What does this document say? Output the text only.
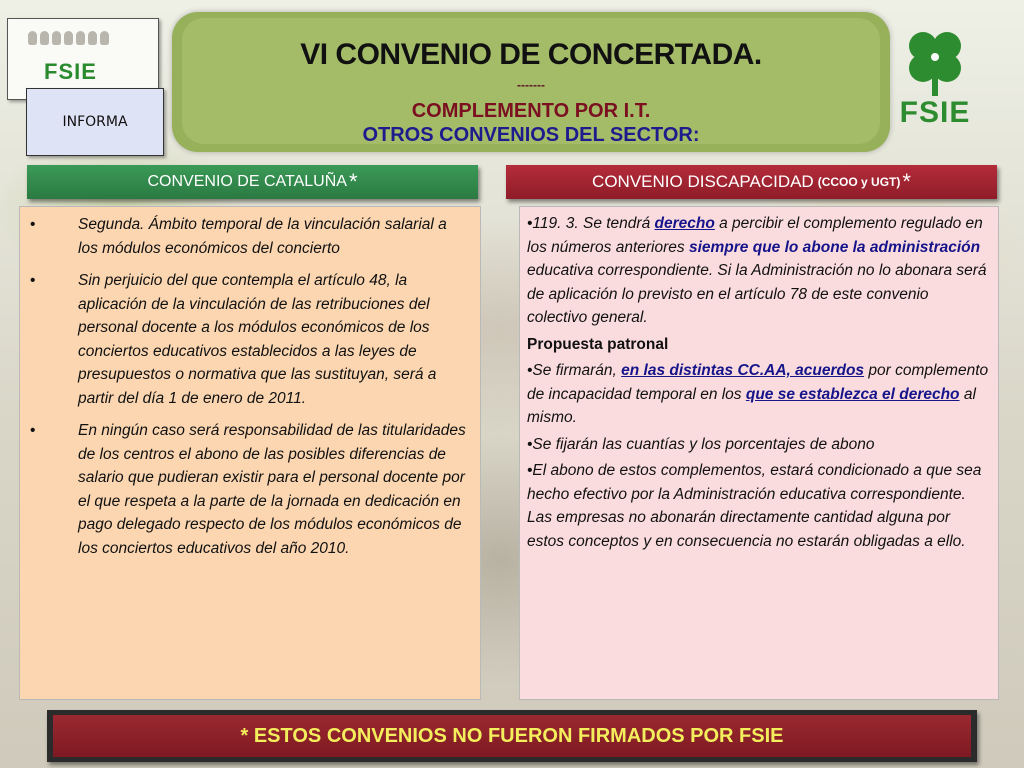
FSIE
INFORMA
VI CONVENIO DE CONCERTADA.
-------
COMPLEMENTO POR I.T.
OTROS CONVENIOS DEL SECTOR:
FSIE
CONVENIO DE CATALUÑA *	CONVENIO DISCAPACIDAD (CCOO y UGT) *
•	Segunda. Ámbito temporal de la vinculación salarial a los módulos económicos del concierto
•	Sin perjuicio del que contempla el artículo 48, la aplicación de la vinculación de las retribuciones del personal docente a los módulos económicos de los conciertos educativos establecidos a las leyes de presupuestos o normativa que las sustituyan, será a partir del día 1 de enero de 2011.
•	En ningún caso será responsabilidad de las titularidades de los centros el abono de las posibles diferencias de salario que pudieran existir para el personal docente por el que respeta a la parte de la jornada en dedicación en pago delegado respecto de los módulos económicos de los conciertos educativos del año 2010.

•119. 3. Se tendrá derecho a percibir el complemento regulado en los números anteriores siempre que lo abone la administración educativa correspondiente. Si la Administración no lo abonara será de aplicación lo previsto en el artículo 78 de este convenio colectivo general.

Propuesta patronal

•Se firmarán, en las distintas CC.AA, acuerdos por complemento de incapacidad temporal en los que se establezca el derecho al mismo.

•Se fijarán las cuantías y los porcentajes de abono

•El abono de estos complementos, estará condicionado a que sea hecho efectivo por la Administración educativa correspondiente. Las empresas no abonarán directamente cantidad alguna por estos conceptos y en consecuencia no estarán obligadas a ello.

* ESTOS CONVENIOS NO FUERON FIRMADOS POR FSIE
